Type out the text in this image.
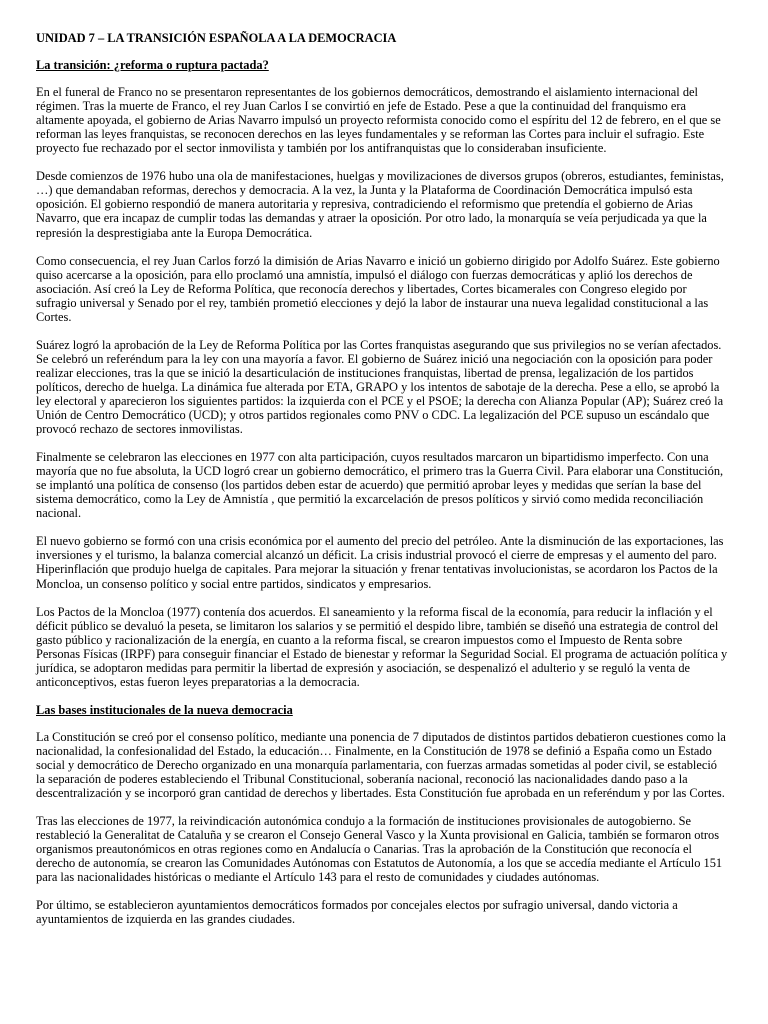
UNIDAD 7 – LA TRANSICIÓN ESPAÑOLA A LA DEMOCRACIA
La transición: ¿reforma o ruptura pactada?

En el funeral de Franco no se presentaron representantes de los gobiernos democráticos, demostrando el aislamiento internacional del régimen. Tras la muerte de Franco, el rey Juan Carlos I se convirtió en jefe de Estado. Pese a que la continuidad del franquismo era altamente apoyada, el gobierno de Arias Navarro impulsó un proyecto reformista conocido como el espíritu del 12 de febrero, en el que se reforman las leyes franquistas, se reconocen derechos en las leyes fundamentales y se reforman las Cortes para incluir el sufragio. Este proyecto fue rechazado por el sector inmovilista y también por los antifranquistas que lo consideraban insuficiente.

Desde comienzos de 1976 hubo una ola de manifestaciones, huelgas y movilizaciones de diversos grupos (obreros, estudiantes, feministas, …) que demandaban reformas, derechos y democracia. A la vez, la Junta y la Plataforma de Coordinación Democrática impulsó esta oposición. El gobierno respondió de manera autoritaria y represiva, contradiciendo el reformismo que pretendía el gobierno de Arias Navarro, que era incapaz de cumplir todas las demandas y atraer la oposición. Por otro lado, la monarquía se veía perjudicada ya que la represión la desprestigiaba ante la Europa Democrática.

Como consecuencia, el rey Juan Carlos forzó la dimisión de Arias Navarro e inició un gobierno dirigido por Adolfo Suárez. Este gobierno quiso acercarse a la oposición, para ello proclamó una amnistía, impulsó el diálogo con fuerzas democráticas y aplió los derechos de asociación. Así creó la Ley de Reforma Política, que reconocía derechos y libertades, Cortes bicamerales con Congreso elegido por sufragio universal y Senado por el rey, también prometió elecciones y dejó la labor de instaurar una nueva legalidad constitucional a las Cortes.

Suárez logró la aprobación de la Ley de Reforma Política por las Cortes franquistas asegurando que sus privilegios no se verían afectados. Se celebró un referéndum para la ley con una mayoría a favor. El gobierno de Suárez inició una negociación con la oposición para poder realizar elecciones, tras la que se inició la desarticulación de instituciones franquistas, libertad de prensa, legalización de los partidos políticos, derecho de huelga. La dinámica fue alterada por ETA, GRAPO y los intentos de sabotaje de la derecha. Pese a ello, se aprobó la ley electoral y aparecieron los siguientes partidos: la izquierda con el PCE y el PSOE; la derecha con Alianza Popular (AP); Suárez creó la Unión de Centro Democrático (UCD); y otros partidos regionales como PNV o CDC. La legalización del PCE supuso un escándalo que provocó rechazo de sectores inmovilistas.

Finalmente se celebraron las elecciones en 1977 con alta participación, cuyos resultados marcaron un bipartidismo imperfecto. Con una mayoría que no fue absoluta, la UCD logró crear un gobierno democrático, el primero tras la Guerra Civil. Para elaborar una Constitución, se implantó una política de consenso (los partidos deben estar de acuerdo) que permitió aprobar leyes y medidas que serían la base del sistema democrático, como la Ley de Amnistía , que permitió la excarcelación de presos políticos y sirvió como medida reconciliación nacional.

El nuevo gobierno se formó con una crisis económica por el aumento del precio del petróleo. Ante la disminución de las exportaciones, las inversiones y el turismo, la balanza comercial alcanzó un déficit. La crisis industrial provocó el cierre de empresas y el aumento del paro. Hiperinflación que produjo huelga de capitales. Para mejorar la situación y frenar tentativas involucionistas, se acordaron los Pactos de la Moncloa, un consenso político y social entre partidos, sindicatos y empresarios.

Los Pactos de la Moncloa (1977) contenía dos acuerdos. El saneamiento y la reforma fiscal de la economía, para reducir la inflación y el déficit público se devaluó la peseta, se limitaron los salarios y se permitió el despido libre, también se diseñó una estrategia de control del gasto público y racionalización de la energía, en cuanto a la reforma fiscal, se crearon impuestos como el Impuesto de Renta sobre Personas Físicas (IRPF) para conseguir financiar el Estado de bienestar y reformar la Seguridad Social. El programa de actuación política y jurídica, se adoptaron medidas para permitir la libertad de expresión y asociación, se despenalizó el adulterio y se reguló la venta de anticonceptivos, estas fueron leyes preparatorias a la democracia.

Las bases institucionales de la nueva democracia

La Constitución se creó por el consenso político, mediante una ponencia de 7 diputados de distintos partidos debatieron cuestiones como la nacionalidad, la confesionalidad del Estado, la educación… Finalmente, en la Constitución de 1978 se definió a España como un Estado social y democrático de Derecho organizado en una monarquía parlamentaria, con fuerzas armadas sometidas al poder civil, se estableció la separación de poderes estableciendo el Tribunal Constitucional, soberanía nacional, reconoció las nacionalidades dando paso a la descentralización y se incorporó gran cantidad de derechos y libertades. Esta Constitución fue aprobada en un referéndum y por las Cortes.

Tras las elecciones de 1977, la reivindicación autonómica condujo a la formación de instituciones provisionales de autogobierno. Se restableció la Generalitat de Cataluña y se crearon el Consejo General Vasco y la Xunta provisional en Galicia, también se formaron otros organismos preautonómicos en otras regiones como en Andalucía o Canarias. Tras la aprobación de la Constitución que reconocía el derecho de autonomía, se crearon las Comunidades Autónomas con Estatutos de Autonomía, a los que se accedía mediante el Artículo 151 para las nacionalidades históricas o mediante el Artículo 143 para el resto de comunidades y ciudades autónomas.

Por último, se establecieron ayuntamientos democráticos formados por concejales electos por sufragio universal, dando victoria a ayuntamientos de izquierda en las grandes ciudades.
